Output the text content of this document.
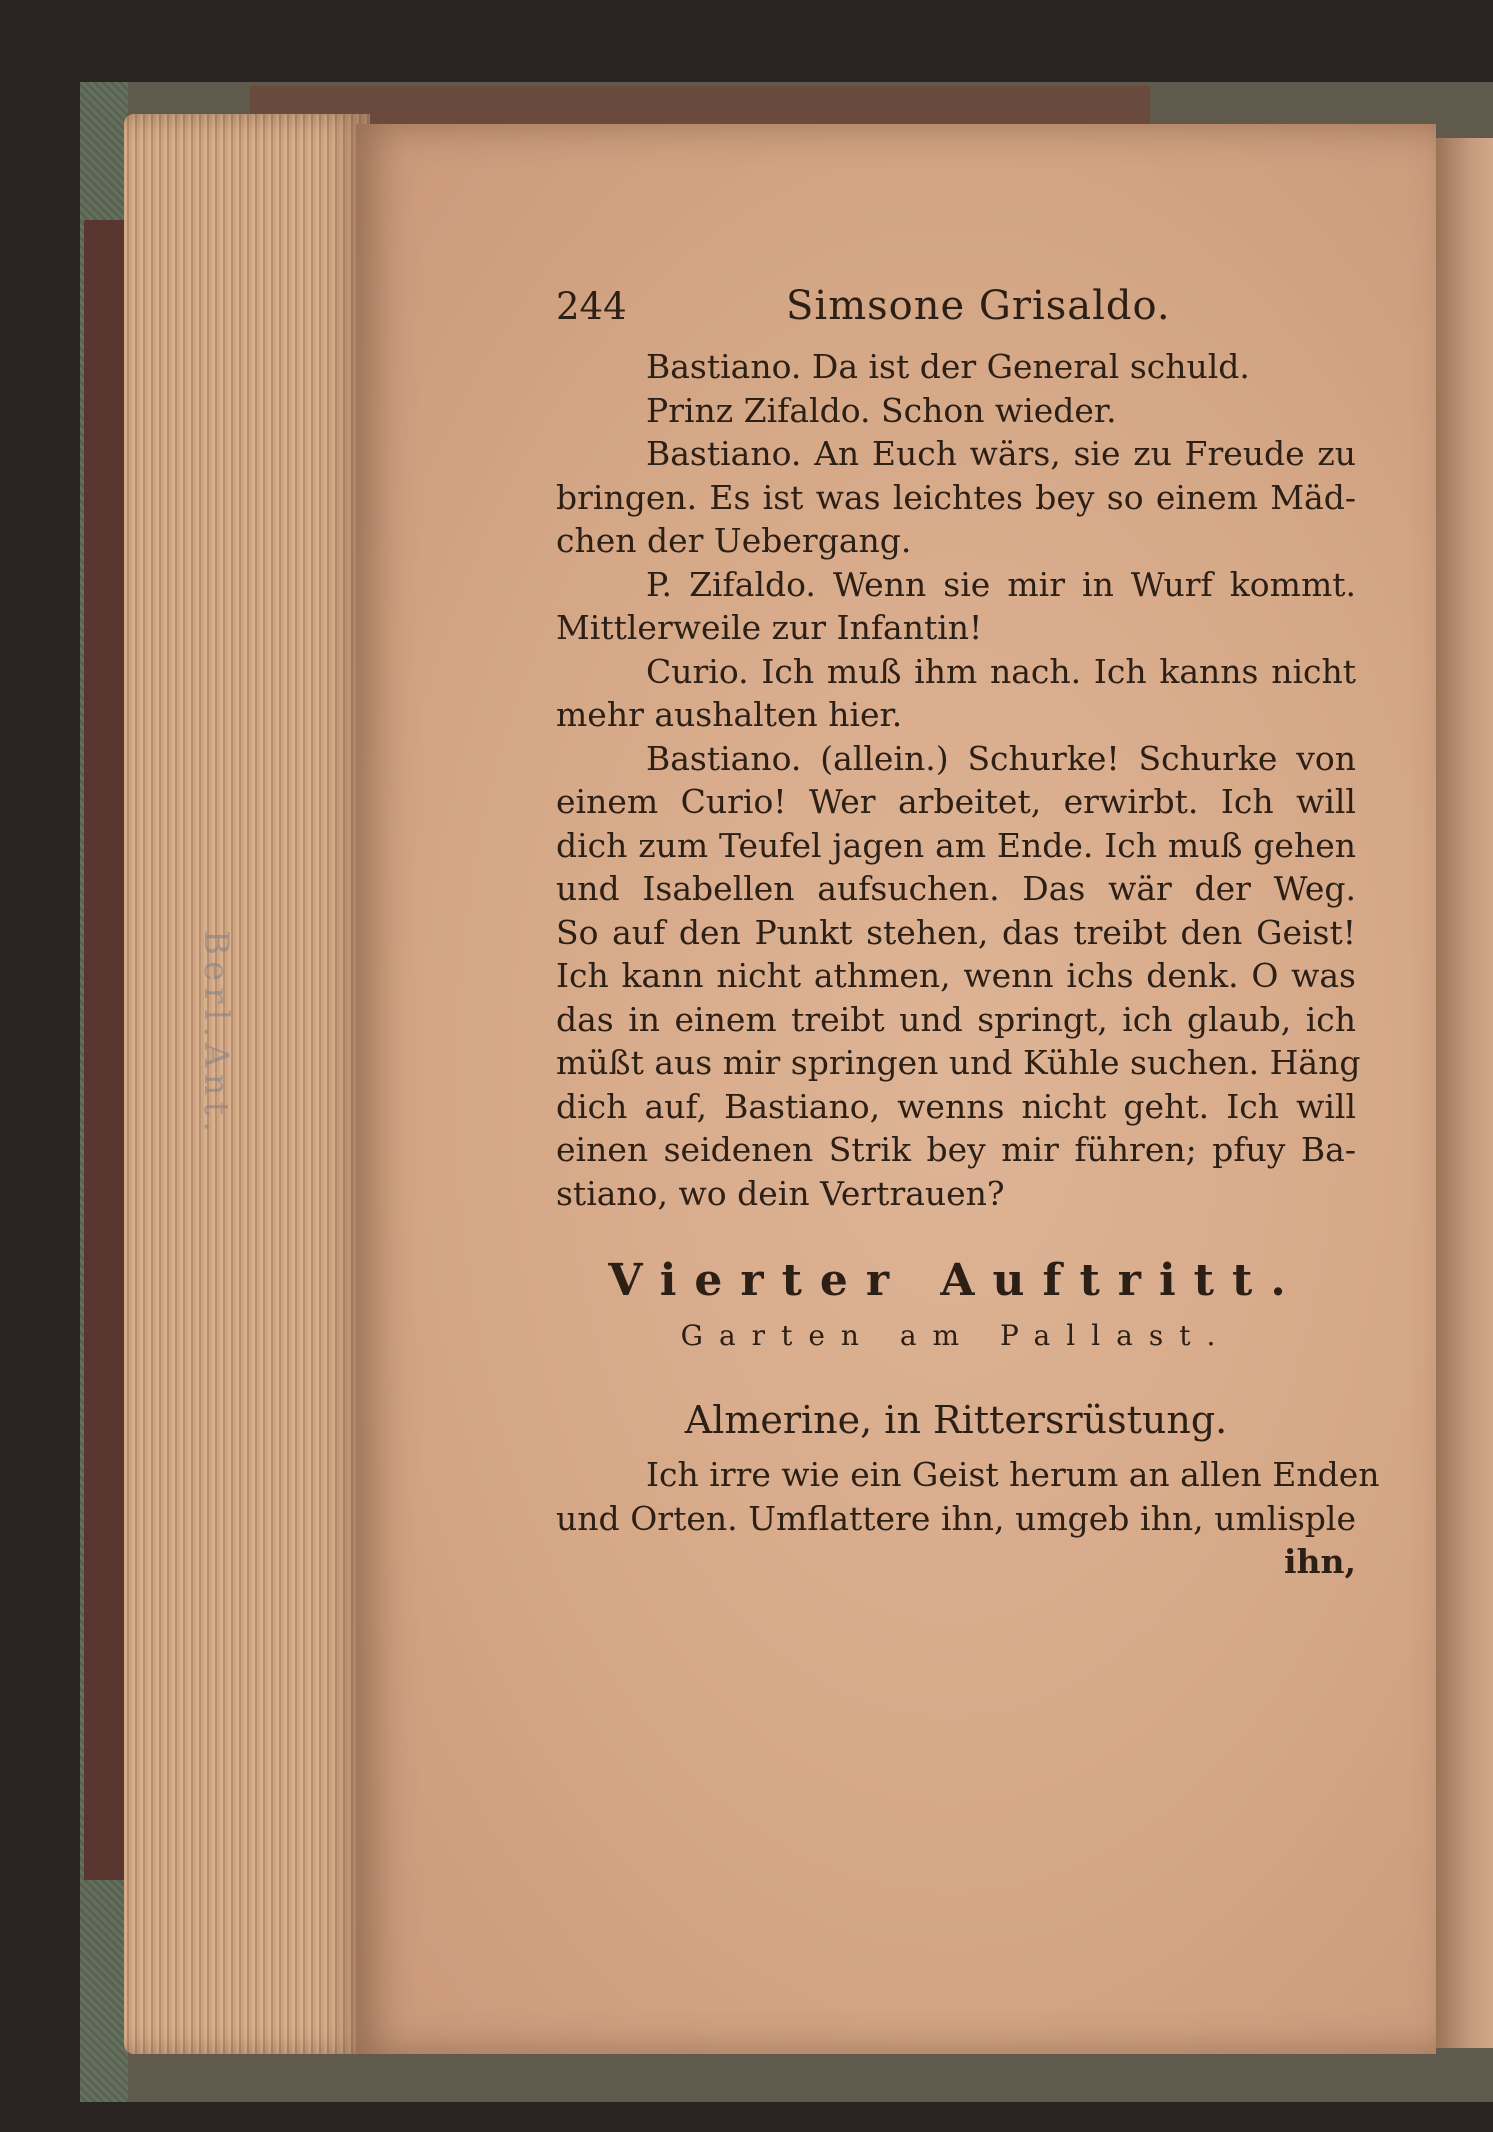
Berl.Ant.
244	Simsone Grisaldo.
Bastiano. Da ist der General schuld.
Prinz Zifaldo. Schon wieder.
Bastiano. An Euch wärs, sie zu Freude zu
bringen. Es ist was leichtes bey so einem Mäd-
chen der Uebergang.
P. Zifaldo. Wenn sie mir in Wurf kommt.
Mittlerweile zur Infantin!
Curio. Ich muß ihm nach. Ich kanns nicht
mehr aushalten hier.
Bastiano. (allein.) Schurke! Schurke von
einem Curio! Wer arbeitet, erwirbt. Ich will
dich zum Teufel jagen am Ende. Ich muß gehen
und Isabellen aufsuchen. Das wär der Weg.
So auf den Punkt stehen, das treibt den Geist!
Ich kann nicht athmen, wenn ichs denk. O was
das in einem treibt und springt, ich glaub, ich
müßt aus mir springen und Kühle suchen. Häng
dich auf, Bastiano, wenns nicht geht. Ich will
einen seidenen Strik bey mir führen; pfuy Ba-
stiano, wo dein Vertrauen?
Vierter Auftritt.
Garten am Pallast.
Almerine, in Rittersrüstung.
Ich irre wie ein Geist herum an allen Enden
und Orten. Umflattere ihn, umgeb ihn, umlisple
ihn,
